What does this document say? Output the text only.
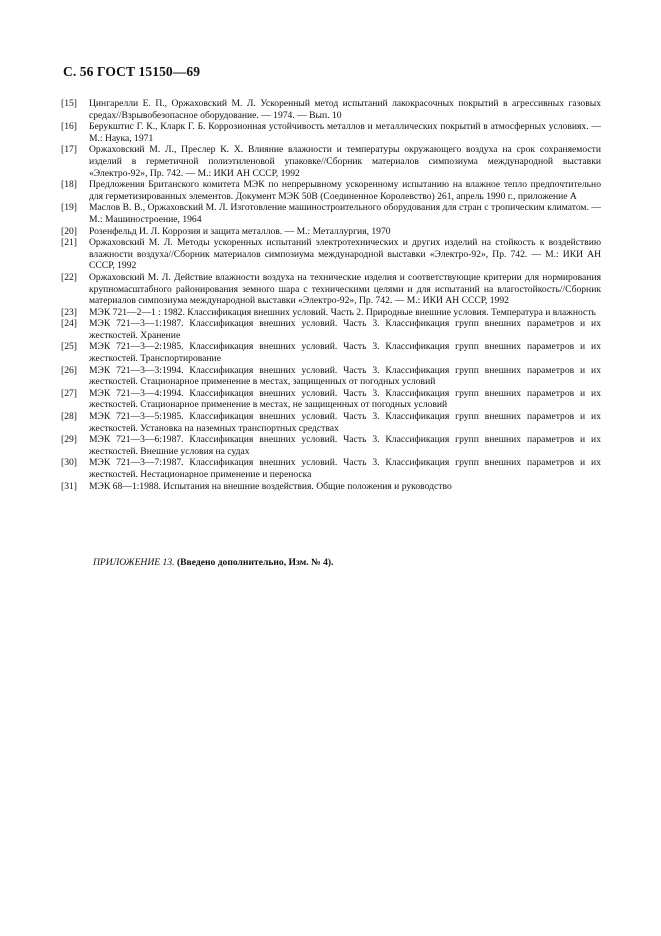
С. 56 ГОСТ 15150—69
[15] Цингарелли Е. П., Оржаховский М. Л. Ускоренный метод испытаний лакокрасочных покрытий в агрессивных газовых средах//Взрывобезопасное оборудование. — 1974. — Вып. 10
[16] Берукштис Г. К., Кларк Г. Б. Коррозионная устойчивость металлов и металлических покрытий в атмосферных условиях. — М.: Наука, 1971
[17] Оржаховский М. Л., Преслер К. Х. Влияние влажности и температуры окружающего воздуха на срок сохраняемости изделий в герметичной полиэтиленовой упаковке//Сборник материалов симпозиума международной выставки «Электро-92», Пр. 742. — М.: ИКИ АН СССР, 1992
[18] Предложения Британского комитета МЭК по непрерывному ускоренному испытанию на влажное тепло предпочтительно для герметизированных элементов. Документ МЭК 50В (Соединенное Королевство) 261, апрель 1990 г., приложение А
[19] Маслов В. В., Оржаховский М. Л. Изготовление машиностроительного оборудования для стран с тропическим климатом. — М.: Машиностроение, 1964
[20] Розенфельд И. Л. Коррозия и защита металлов. — М.: Металлургия, 1970
[21] Оржаховский М. Л. Методы ускоренных испытаний электротехнических и других изделий на стойкость к воздействию влажности воздуха//Сборник материалов симпозиума международной выставки «Электро-92», Пр. 742. — М.: ИКИ АН СССР, 1992
[22] Оржаховский М. Л. Действие влажности воздуха на технические изделия и соответствующие критерии для нормирования крупномасштабного районирования земного шара с техническими целями и для испытаний на влагостойкость//Сборник материалов симпозиума международной выставки «Электро-92», Пр. 742. — М.: ИКИ АН СССР, 1992
[23] МЭК 721—2—1 : 1982. Классификация внешних условий. Часть 2. Природные внешние условия. Температура и влажность
[24] МЭК 721—3—1:1987. Классификация внешних условий. Часть 3. Классификация групп внешних параметров и их жесткостей. Хранение
[25] МЭК 721—3—2:1985. Классификация внешних условий. Часть 3. Классификация групп внешних параметров и их жесткостей. Транспортирование
[26] МЭК 721—3—3:1994. Классификация внешних условий. Часть 3. Классификация групп внешних параметров и их жесткостей. Стационарное применение в местах, защищенных от погодных условий
[27] МЭК 721—3—4:1994. Классификация внешних условий. Часть 3. Классификация групп внешних параметров и их жесткостей. Стационарное применение в местах, не защищенных от погодных условий
[28] МЭК 721—3—5:1985. Классификация внешних условий. Часть 3. Классификация групп внешних параметров и их жесткостей. Установка на наземных транспортных средствах
[29] МЭК 721—3—6:1987. Классификация внешних условий. Часть 3. Классификация групп внешних параметров и их жесткостей. Внешние условия на судах
[30] МЭК 721—3—7:1987. Классификация внешних условий. Часть 3. Классификация групп внешних параметров и их жесткостей. Нестационарное применение и переноска
[31] МЭК 68—1:1988. Испытания на внешние воздействия. Общие положения и руководство
ПРИЛОЖЕНИЕ 13. (Введено дополнительно, Изм. № 4).
